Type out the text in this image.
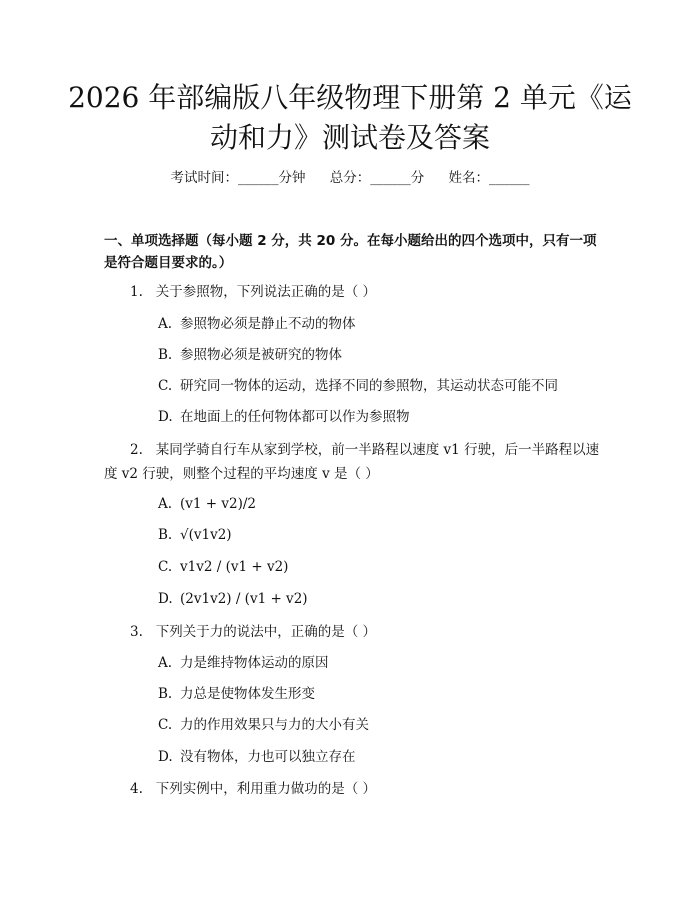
2026 年部编版八年级物理下册第 2 单元《运
动和力》测试卷及答案
考试时间：______分钟 总分：______分 姓名：______
一、单项选择题（每小题 2 分，共 20 分。在每小题给出的四个选项中，只有一项是符合题目要求的。）
1. 关于参照物，下列说法正确的是（ ）
A. 参照物必须是静止不动的物体
B. 参照物必须是被研究的物体
C. 研究同一物体的运动，选择不同的参照物，其运动状态可能不同
D. 在地面上的任何物体都可以作为参照物
2. 某同学骑自行车从家到学校，前一半路程以速度 v1 行驶，后一半路程以速度 v2 行驶，则整个过程的平均速度 v 是（ ）
A. (v1 + v2)/2
B. √(v1v2)
C. v1v2 / (v1 + v2)
D. (2v1v2) / (v1 + v2)
3. 下列关于力的说法中，正确的是（ ）
A. 力是维持物体运动的原因
B. 力总是使物体发生形变
C. 力的作用效果只与力的大小有关
D. 没有物体，力也可以独立存在
4. 下列实例中，利用重力做功的是（ ）
